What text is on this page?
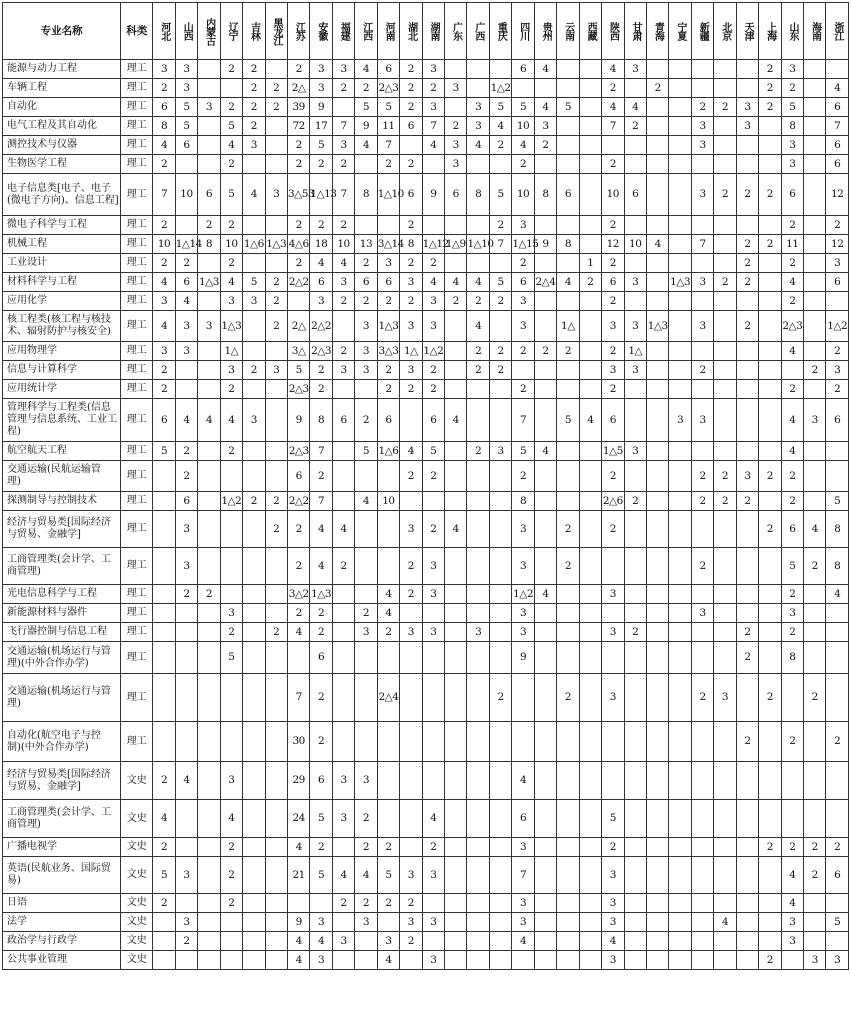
专业名称	科类	河北	山西	内蒙古	辽宁	吉林	黑龙江	江苏	安徽	福建	江西	河南	湖北	湖南	广东	广西	重庆	四川	贵州	云南	西藏	陕西	甘肃	青海	宁夏	新疆	北京	天津	上海	山东	海南	浙江
能源与动力工程	理工	3	3		2	2		2	3	3	4	6	2	3				6	4			4	3						2	3		
车辆工程	理工	2	3			2	2	2△	3	2	2	2△3	2	2	3		1△2					2		2					2	2		4
自动化	理工	6	5	3	2	2	2	39	9		5	5	2	3		3	5	5	4	5		4	4			2	2	3	2	5		6
电气工程及其自动化	理工	8	5		5	2		72	17	7	9	11	6	7	2	3	4	10	3			7	2			3		3		8		7
测控技术与仪器	理工	4	6		4	3		2	5	3	4	7		4	3	4	2	4	2							3				3		6
生物医学工程	理工	2			2			2	2	2		2	2		3			2				2								3		6
电子信息类[电子、电子
(微电子方向)、信息工程]	理工	7	10	6	5	4	3	3△53	1△13	7	8	1△10	6	9	6	8	5	10	8	6		10	6			3	2	2	2	6		12
微电子科学与工程	理工	2		2	2			2	2	2			2				2	3				2								2		2
机械工程	理工	10	1△14	8	10	1△6	1△3	4△6	18	10	13	3△14	8	1△12	1△9	1△10	7	1△15	9	8		12	10	4		7		2	2	11		12
工业设计	理工	2	2		2			2	4	4	2	3	2	2				2			1	2						2		2		3
材料科学与工程	理工	4	6	1△3	4	5	2	2△2	6	3	6	6	3	4	4	4	5	6	2△4	4	2	6	3		1△3	3	2	2		4		6
应用化学	理工	3	4		3	3	2		3	2	2	2	2	3	2	2	2	3				2								2		
核工程类(核工程与核技
术、辐射防护与核安全)	理工	4	3	3	1△3		2	2△	2△2		3	1△3	3	3		4		3		1△		3	3	1△3		3		2		2△3		1△2
应用物理学	理工	3	3		1△			3△	2△3	2	3	3△3	1△	1△2		2	2	2	2	2		2	1△							4		2
信息与计算科学	理工	2			3	2	3	5	2	3	3	2	3	2		2	2					3	3			2					2	3
应用统计学	理工	2			2			2△3	2			2	2	2				2				2								2		2
管理科学与工程类(信息
管理与信息系统、工业工
程)	理工	6	4	4	4	3		9	8	6	2	6		6	4			7		5	4	6			3	3				4	3	6
航空航天工程	理工	5	2		2			2△3	7		5	1△6	4	5		2	3	5	4			1△5	3							4		
交通运输(民航运输管
理)	理工		2					6	2				2	2				2				2				2	2	3	2	2		
探测制导与控制技术	理工		6		1△2	2	2	2△2	7		4	10						8				2△6	2			2	2	2		2		5
经济与贸易类[国际经济
与贸易、金融学]	理工		3				2	2	4	4			3	2	4			3		2		2							2	6	4	8
工商管理类(会计学、工
商管理)	理工		3					2	4	2			2	3				3		2						2				5	2	8
光电信息科学与工程	理工		2	2				3△2	1△3			4	2	3				1△2	4			3								2		4
新能源材料与器件	理工				3			2	2		2	4						3								3				3		
飞行器控制与信息工程	理工				2		2	4	2		3	2	3	3		3		3				3	2					2		2		
交通运输(机场运行与管
理)(中外合作办学)	理工				5				6									9										2		8		
交通运输(机场运行与管
理)	理工							7	2			2△4					2			2		3				2	3		2		2	
自动化(航空电子与控
制)(中外合作办学)	理工							30	2																			2		2		2
经济与贸易类[国际经济
与贸易、金融学]	文史	2	4		3			29	6	3	3							4														
工商管理类(会计学、工
商管理)	文史	4			4			24	5	3	2			4				6				5										
广播电视学	文史	2			2			4	2		2	2		2				3				2							2	2	2	2
英语(民航业务、国际贸
易)	文史	5	3		2			21	5	4	4	5	3	3				7				3								4	2	6
日语	文史	2			2					2	2	2	2					3				3								4		
法学	文史		3					9	3		3		3	3				3				3					4			3		5
政治学与行政学	文史		2					4	4	3		3	2					4				4								3		
公共事业管理	文史							4	3			4		3								3							2		3	3
